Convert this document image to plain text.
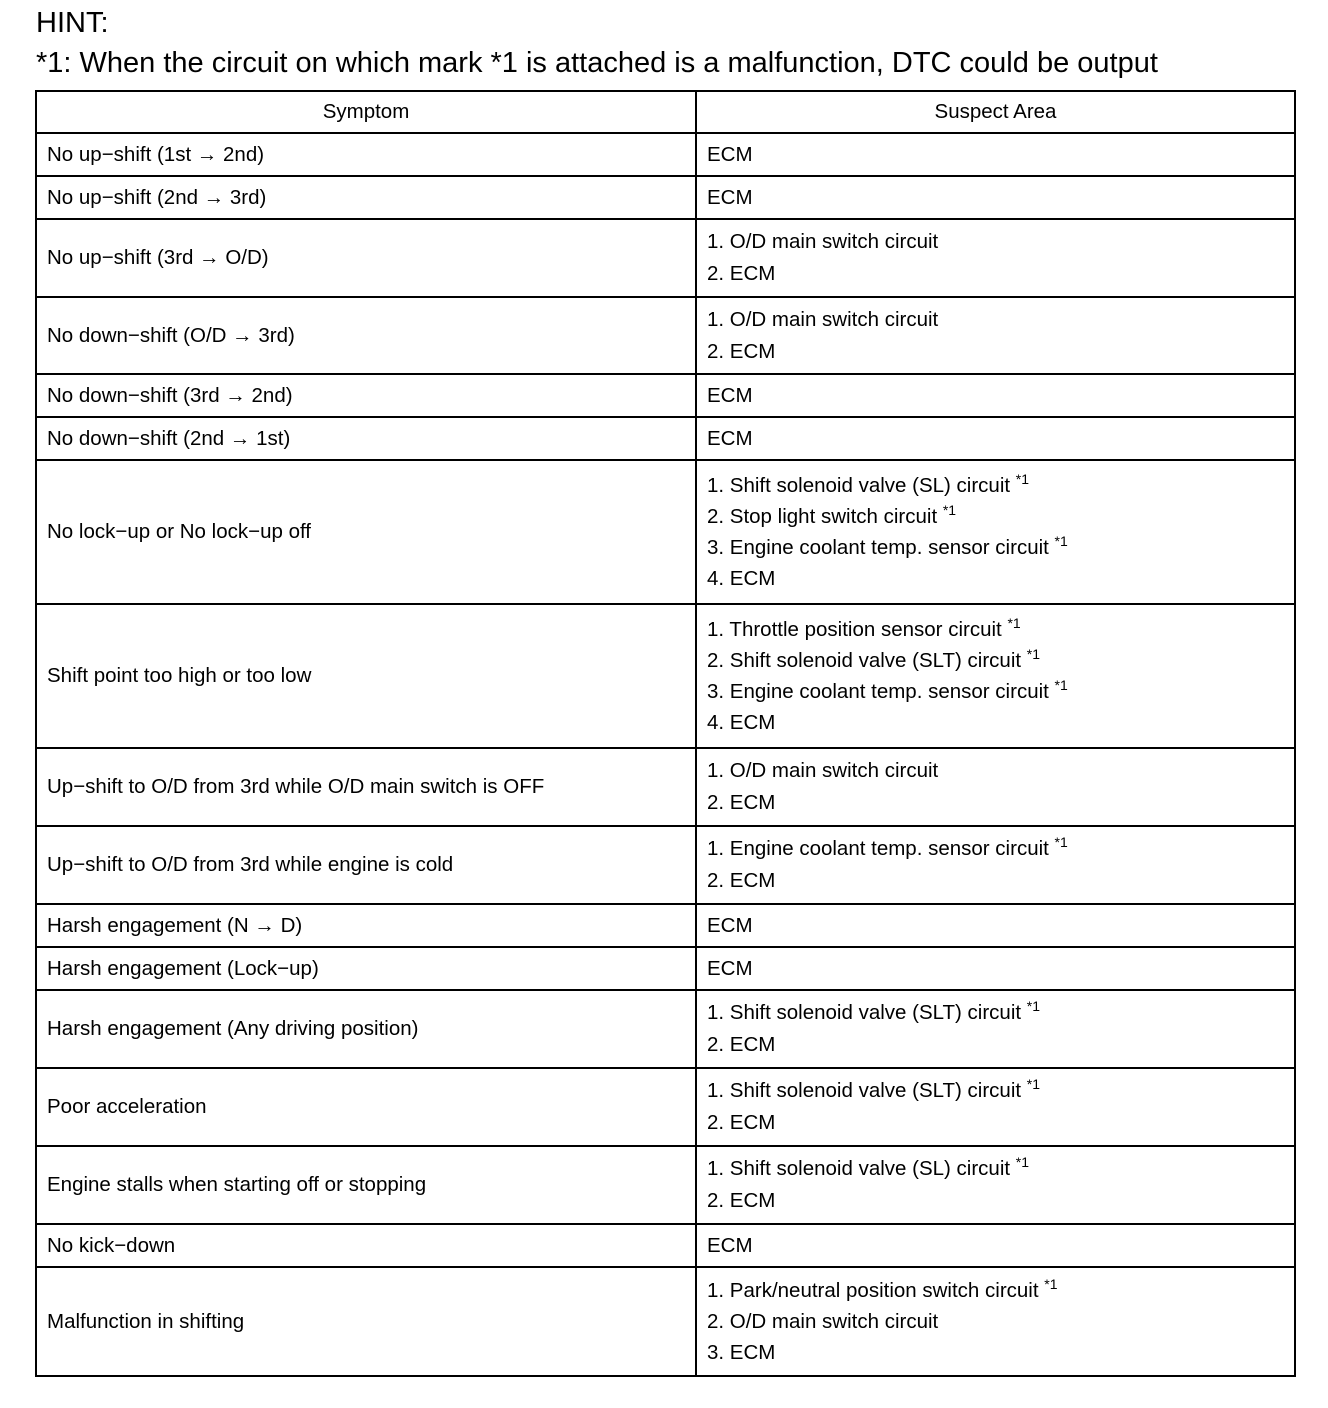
HINT:
*1: When the circuit on which mark *1 is attached is a malfunction, DTC could be output
Symptom	Suspect Area
No up−shift (1st → 2nd)	ECM

No up−shift (2nd → 3rd)	ECM

No up−shift (3rd → O/D)	1. O/D main switch circuit
2. ECM

No down−shift (O/D → 3rd)	1. O/D main switch circuit
2. ECM

No down−shift (3rd → 2nd)	ECM

No down−shift (2nd → 1st)	ECM

No lock−up or No lock−up off	1. Shift solenoid valve (SL) circuit $^{*1}$
2. Stop light switch circuit $^{*1}$
3. Engine coolant temp. sensor circuit $^{*1}$
4. ECM

Shift point too high or too low	1. Throttle position sensor circuit $^{*1}$
2. Shift solenoid valve (SLT) circuit $^{*1}$
3. Engine coolant temp. sensor circuit $^{*1}$
4. ECM

Up−shift to O/D from 3rd while O/D main switch is OFF	1. O/D main switch circuit
2. ECM

Up−shift to O/D from 3rd while engine is cold	1. Engine coolant temp. sensor circuit $^{*1}$
2. ECM

Harsh engagement (N → D)	ECM

Harsh engagement (Lock−up)	ECM

Harsh engagement (Any driving position)	1. Shift solenoid valve (SLT) circuit $^{*1}$
2. ECM

Poor acceleration	1. Shift solenoid valve (SLT) circuit $^{*1}$
2. ECM

Engine stalls when starting off or stopping	1. Shift solenoid valve (SL) circuit $^{*1}$
2. ECM

No kick−down	ECM

Malfunction in shifting	1. Park/neutral position switch circuit $^{*1}$
2. O/D main switch circuit
3. ECM
